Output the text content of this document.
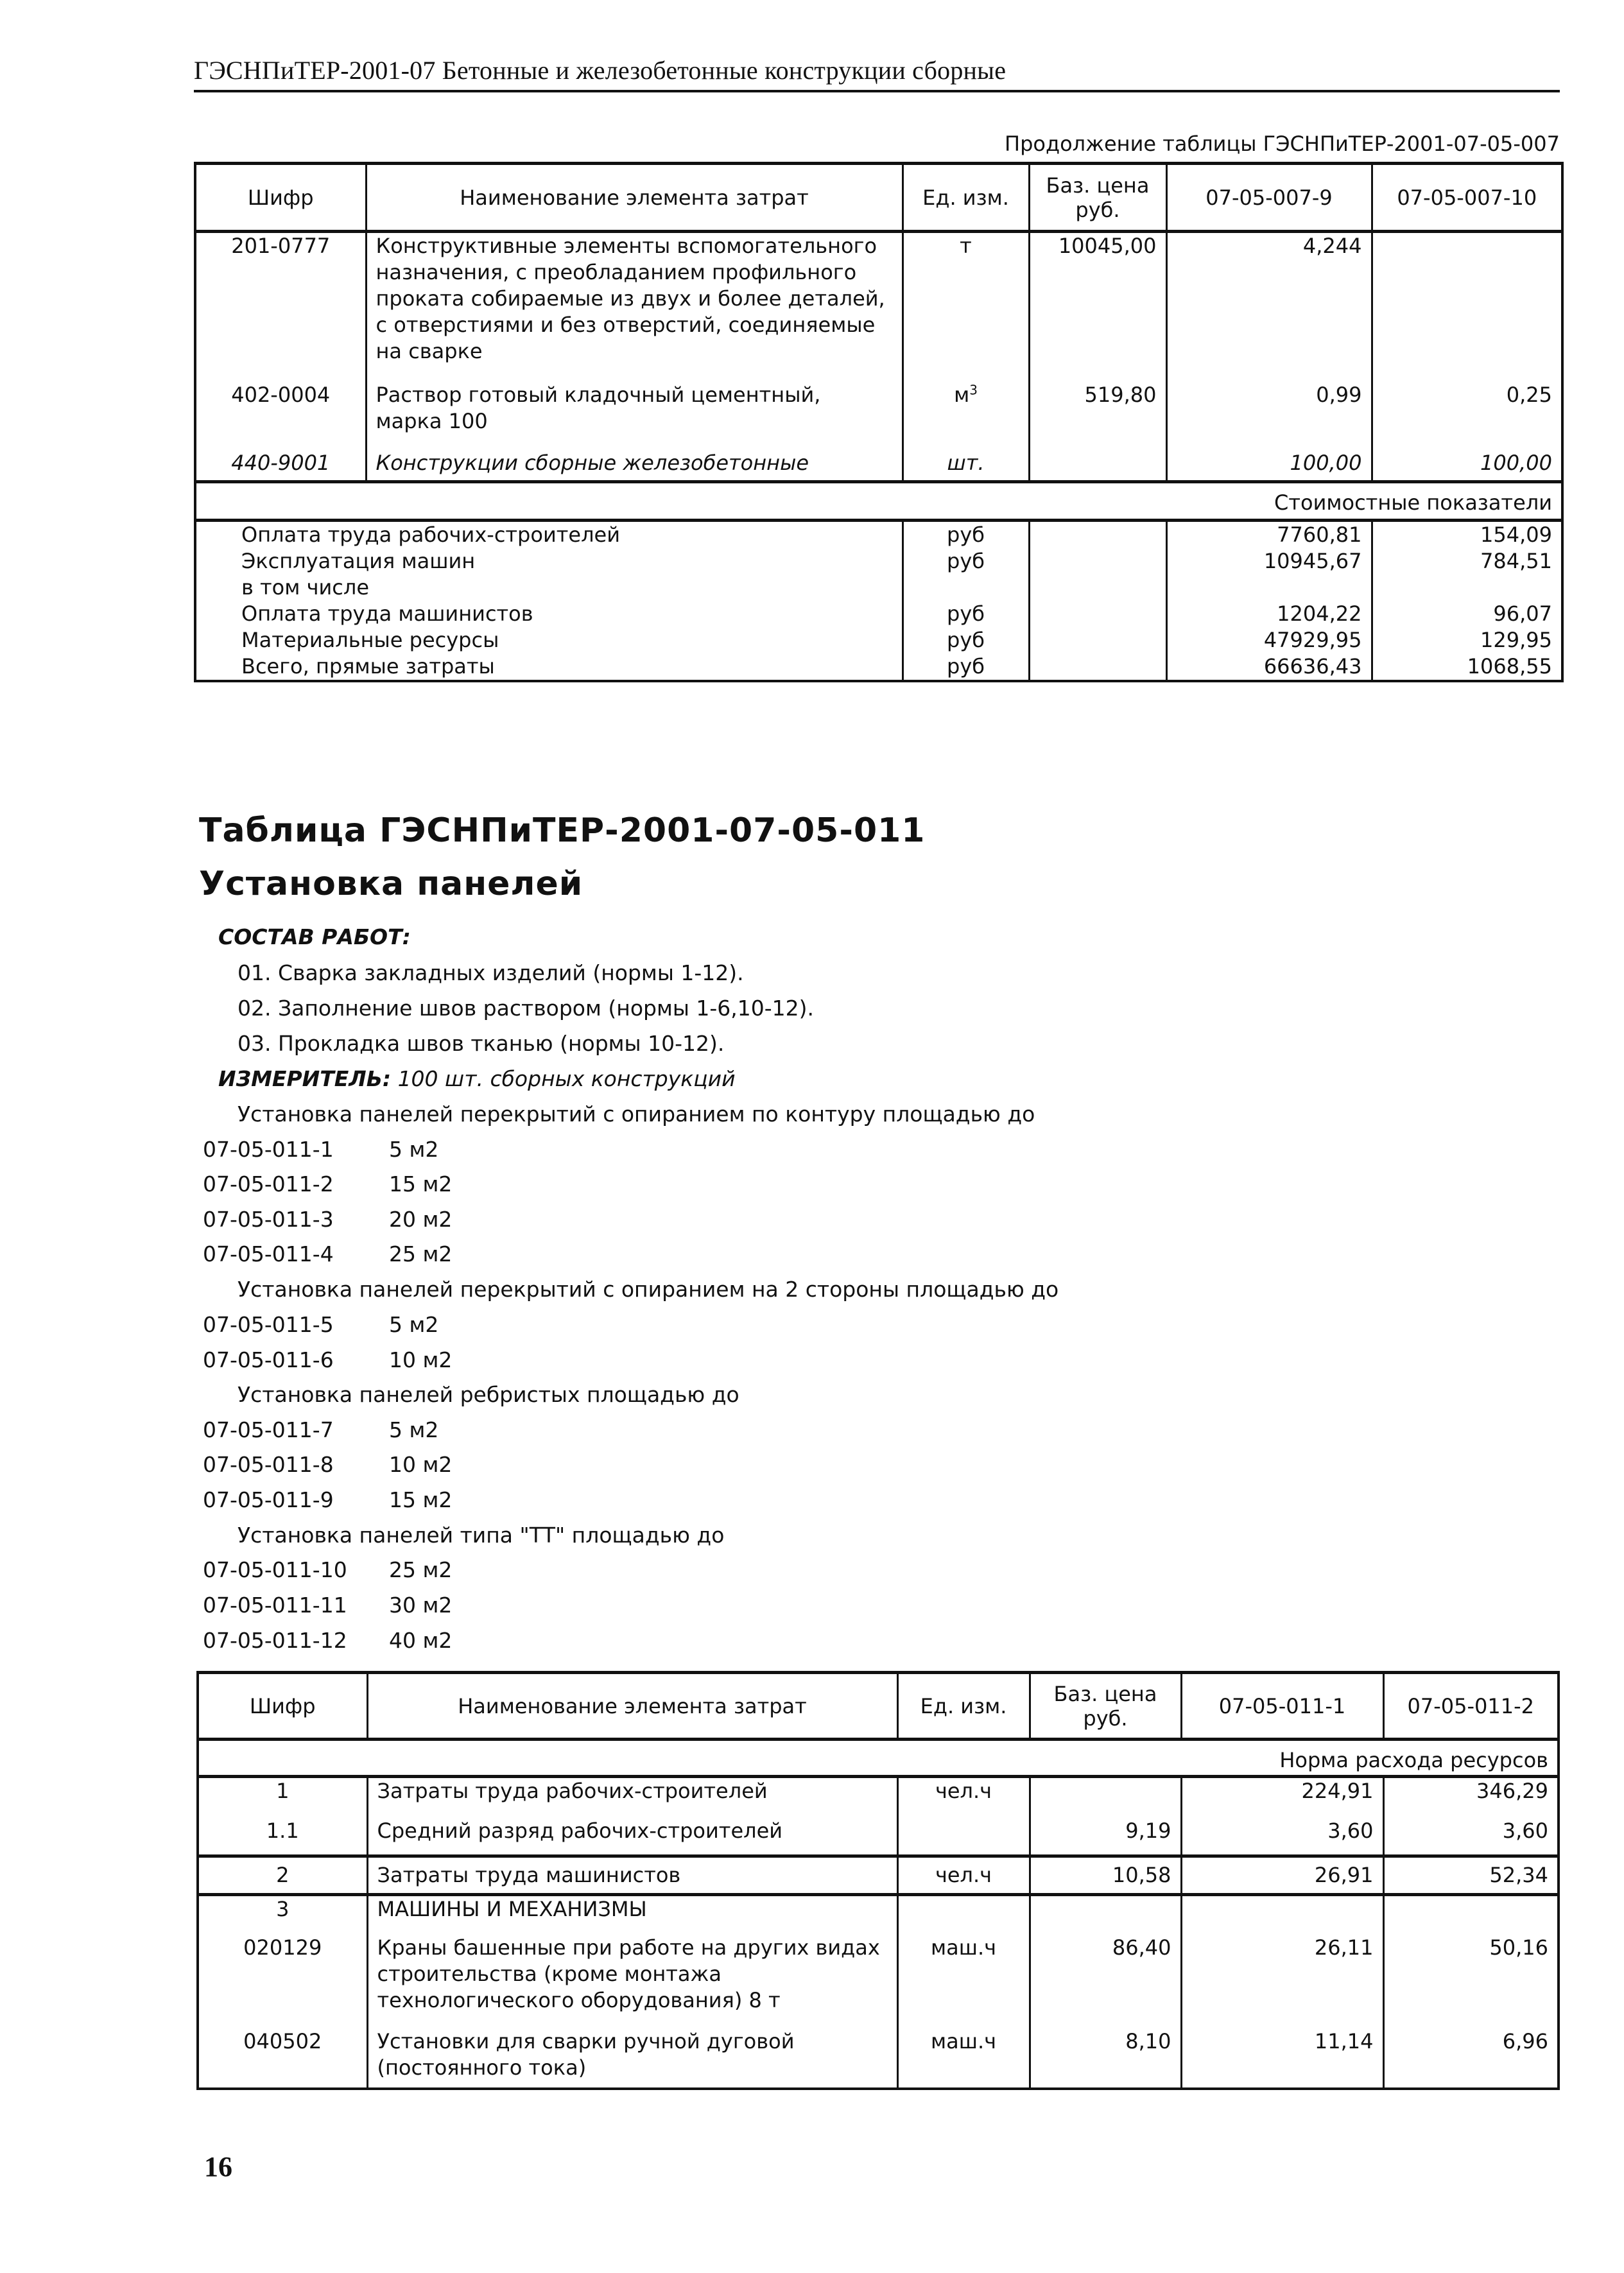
ГЭСНПиТЕР-2001-07 Бетонные и железобетонные конструкции сборные
Продолжение таблицы ГЭСНПиТЕР-2001-07-05-007
Шифр	Наименование элемента затрат	Ед. изм.	Баз. цена руб.	07-05-007-9	07-05-007-10
201-0777	Конструктивные элементы вспомогательного назначения, с преобладанием профильного проката собираемые из двух и более деталей, с отверстиями и без отверстий, соединяемые на сварке	т	10045,00	4,244	
402-0004	Раствор готовый кладочный цементный, марка 100	$м^3$	519,80	0,99	0,25
440-9001	Конструкции сборные железобетонные	шт.		100,00	100,00
Стоимостные показатели					
Оплата труда рабочих-строителей		руб		7760,81	154,09
Эксплуатация машин		руб		10945,67	784,51
в том числе					
Оплата труда машинистов		руб		1204,22	96,07
Материальные ресурсы		руб		47929,95	129,95
Всего, прямые затраты		руб		66636,43	1068,55
Таблица ГЭСНПиТЕР-2001-07-05-011
Установка панелей
СОСТАВ РАБОТ:
01. Сварка закладных изделий (нормы 1-12).
02. Заполнение швов раствором (нормы 1-6,10-12).
03. Прокладка швов тканью (нормы 10-12).
ИЗМЕРИТЕЛЬ: 100 шт. сборных конструкций
Установка панелей перекрытий с опиранием по контуру площадью до
07-05-011-1	5 м2
07-05-011-2	15 м2
07-05-011-3	20 м2
07-05-011-4	25 м2
Установка панелей перекрытий с опиранием на 2 стороны площадью до
07-05-011-5	5 м2
07-05-011-6	10 м2
Установка панелей ребристых площадью до
07-05-011-7	5 м2
07-05-011-8	10 м2
07-05-011-9	15 м2
Установка панелей типа "ТТ" площадью до
07-05-011-10 25 м2
07-05-011-11 30 м2
07-05-011-12 40 м2
Шифр	Наименование элемента затрат	Ед. изм.	Баз. цена руб.	07-05-011-1	07-05-011-2
Норма расхода ресурсов					
1	Затраты труда рабочих-строителей	чел.ч		224,91	346,29
1.1	Средний разряд рабочих-строителей		9,19	3,60	3,60
2	Затраты труда машинистов	чел.ч	10,58	26,91	52,34
3	МАШИНЫ И МЕХАНИЗМЫ				
020129	Краны башенные при работе на других видах строительства (кроме монтажа технологического оборудования) 8 т	маш.ч	86,40	26,11	50,16
040502	Установки для сварки ручной дуговой (постоянного тока)	маш.ч	8,10	11,14	6,96
16
